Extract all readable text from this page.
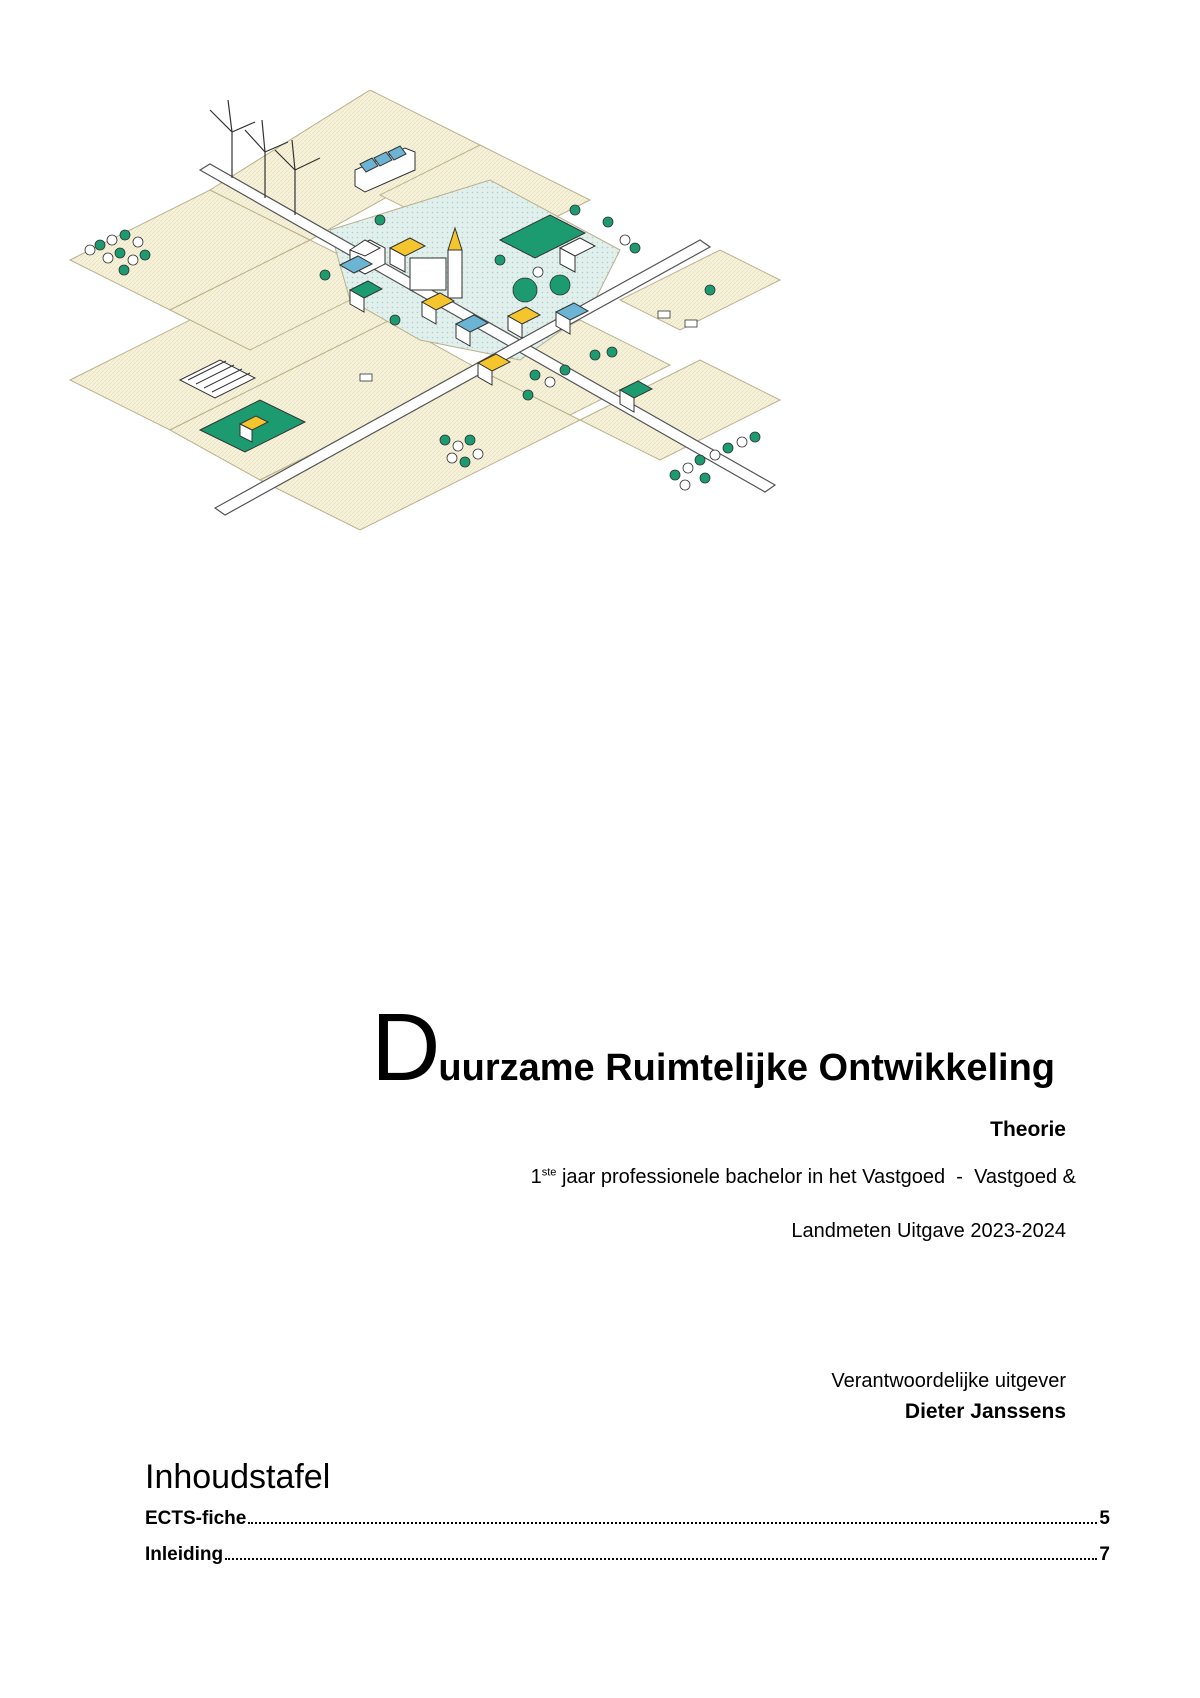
Duurzame Ruimtelijke Ontwikkeling
Theorie
1ste jaar professionele bachelor in het Vastgoed  -  Vastgoed &
Landmeten Uitgave 2023-2024
Verantwoordelijke uitgever
Dieter Janssens
Inhoudstafel
ECTS-fiche	5
Inleiding	7
